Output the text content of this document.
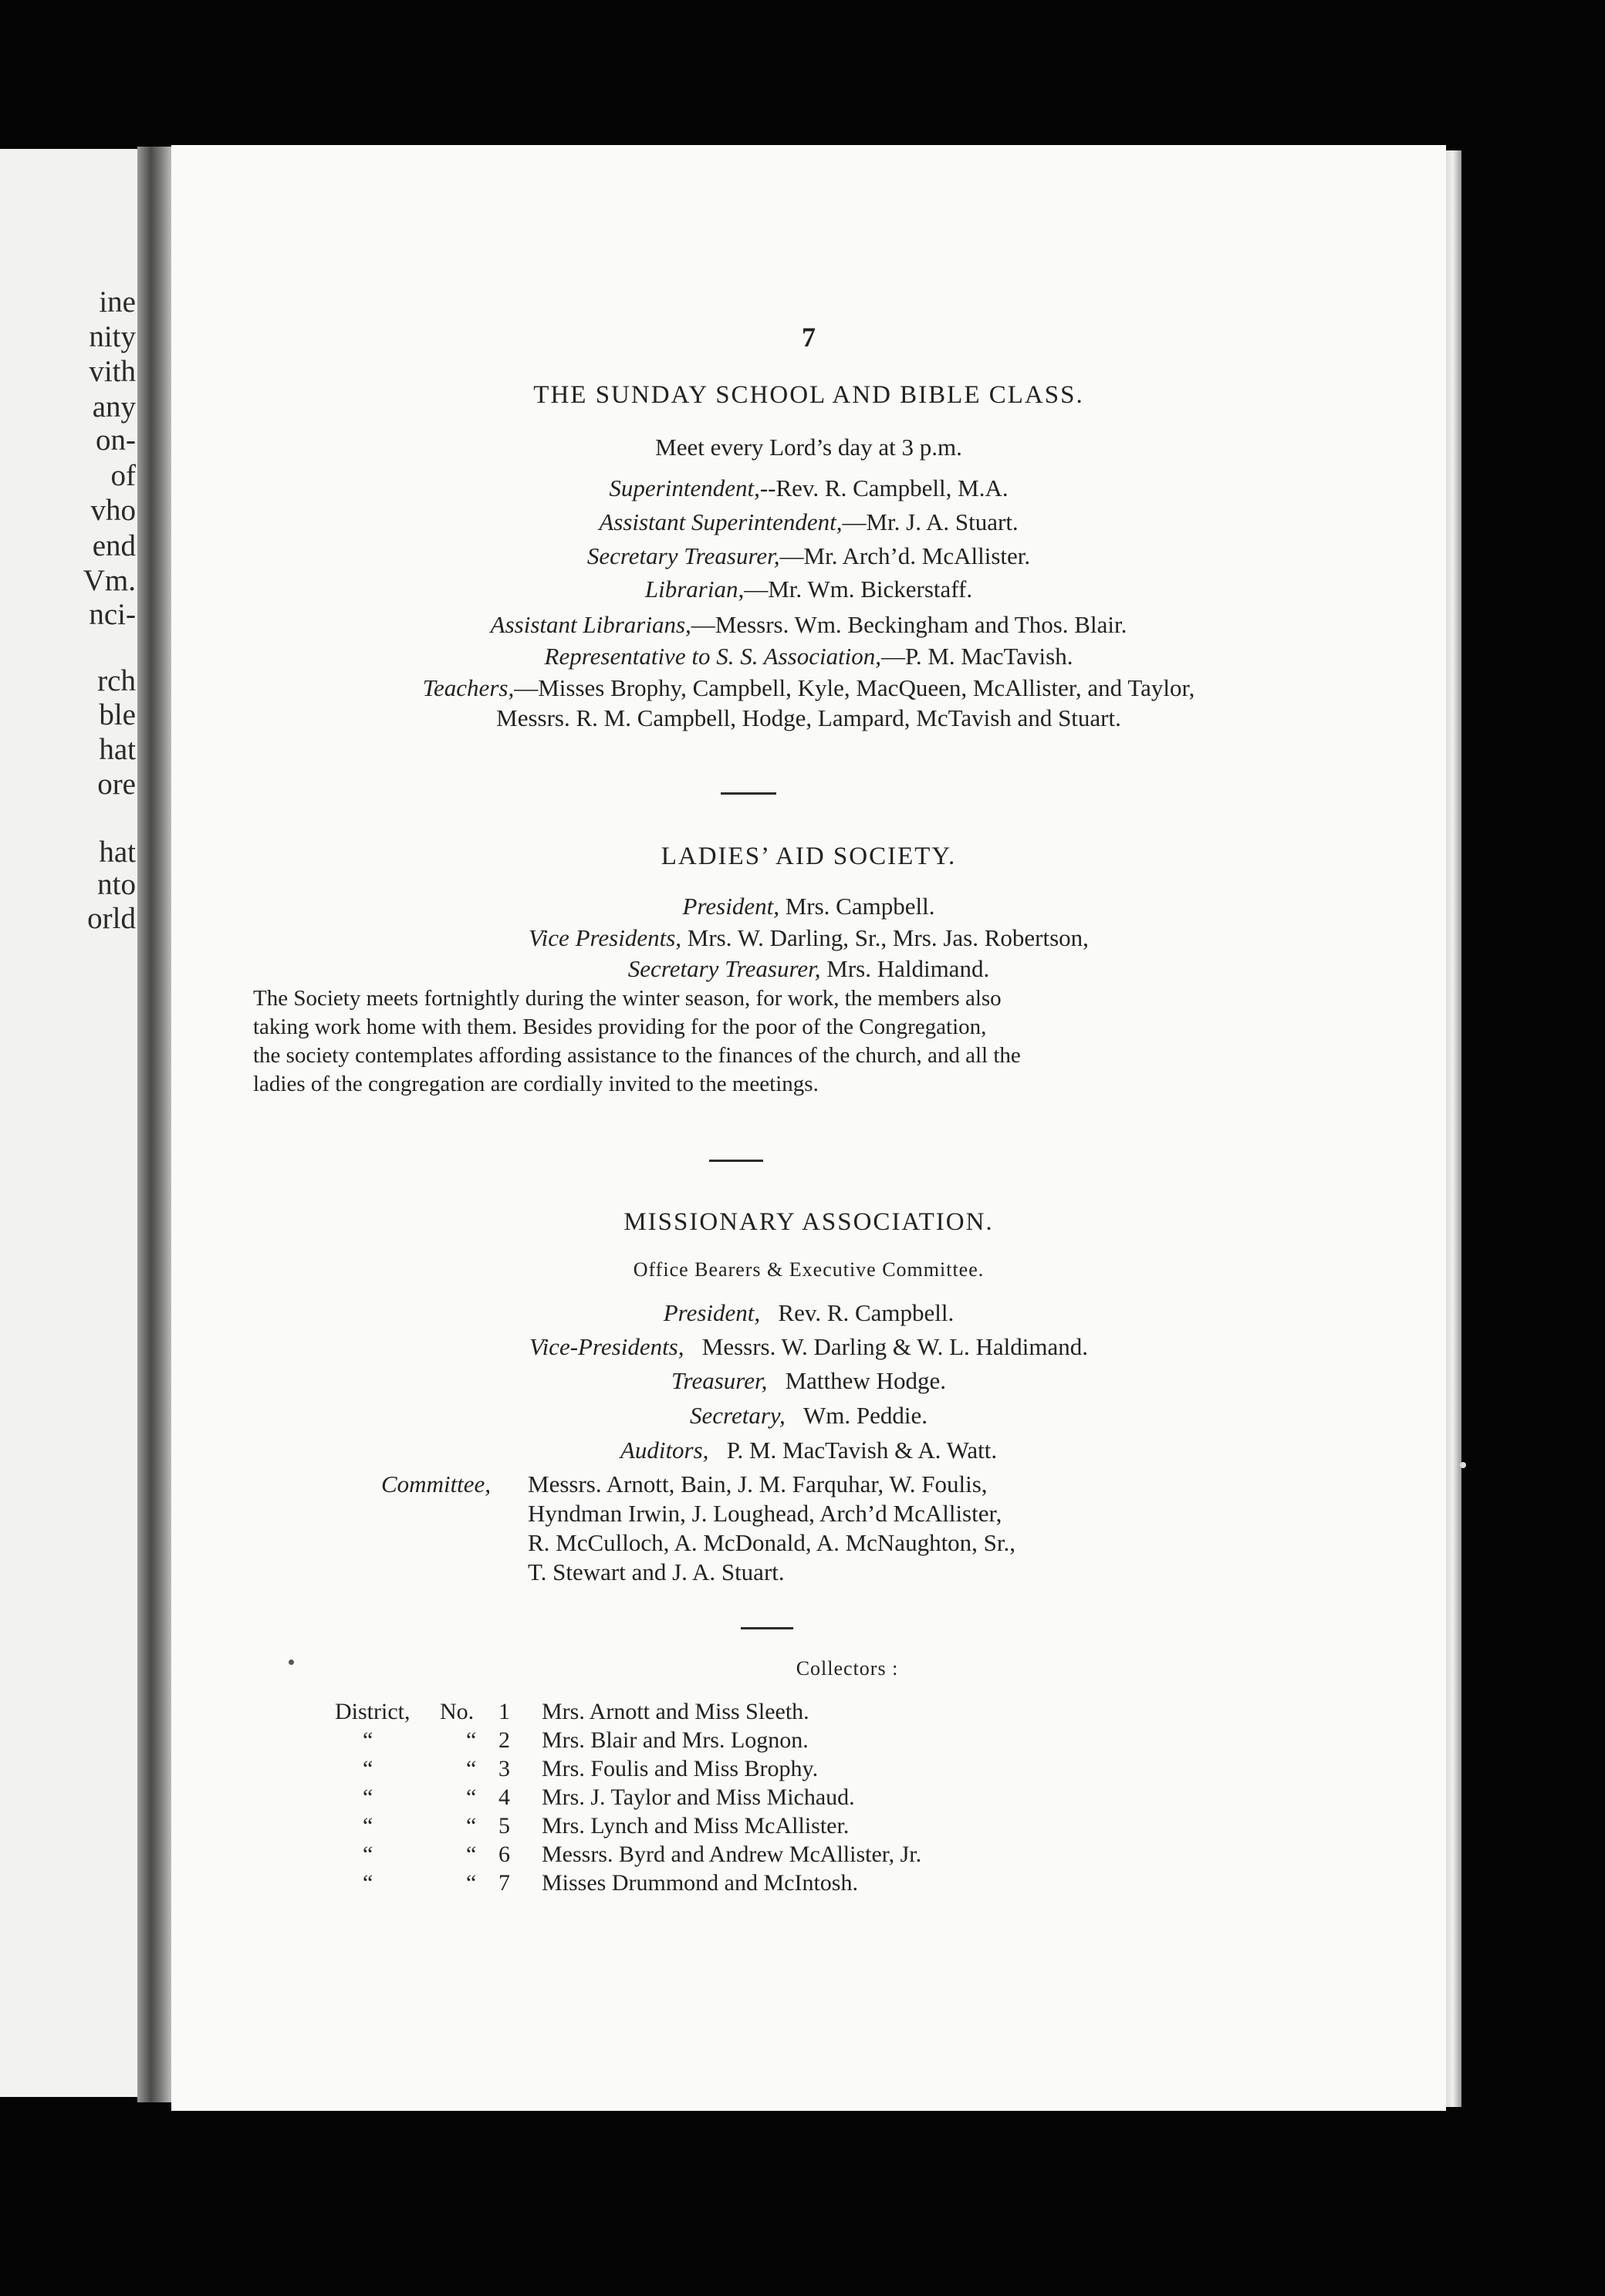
ine
nity
vith
any
on-
of
vho
end
Vm.
nci-
rch
ble
hat
ore
hat
nto
orld
7
THE SUNDAY SCHOOL AND BIBLE CLASS.
Meet every Lord’s day at 3 p.m.
Superintendent,--Rev. R. Campbell, M.A.
Assistant Superintendent,—Mr. J. A. Stuart.
Secretary Treasurer,—Mr. Arch’d. McAllister.
Librarian,—Mr. Wm. Bickerstaff.
Assistant Librarians,—Messrs. Wm. Beckingham and Thos. Blair.
Representative to S. S. Association,—P. M. MacTavish.
Teachers,—Misses Brophy, Campbell, Kyle, MacQueen, McAllister, and Taylor,
Messrs. R. M. Campbell, Hodge, Lampard, McTavish and Stuart.
LADIES’ AID SOCIETY.
President, Mrs. Campbell.
Vice Presidents, Mrs. W. Darling, Sr., Mrs. Jas. Robertson,
Secretary Treasurer, Mrs. Haldimand.
The Society meets fortnightly during the winter season, for work, the members also
taking work home with them. Besides providing for the poor of the Congregation,
the society contemplates affording assistance to the finances of the church, and all the
ladies of the congregation are cordially invited to the meetings.
MISSIONARY ASSOCIATION.
Office Bearers & Executive Committee.
President, Rev. R. Campbell.
Vice-Presidents, Messrs. W. Darling & W. L. Haldimand.
Treasurer, Matthew Hodge.
Secretary, Wm. Peddie.
Auditors, P. M. MacTavish & A. Watt.
Committee, Messrs. Arnott, Bain, J. M. Farquhar, W. Foulis,
Hyndman Irwin, J. Loughead, Arch’d McAllister,
R. McCulloch, A. McDonald, A. McNaughton, Sr.,
T. Stewart and J. A. Stuart.
Collectors :
District, No. 1 Mrs. Arnott and Miss Sleeth.
“	“ 2 Mrs. Blair and Mrs. Lognon.
“	“ 3 Mrs. Foulis and Miss Brophy.
“	“ 4 Mrs. J. Taylor and Miss Michaud.
“	“ 5 Mrs. Lynch and Miss McAllister.
“	“ 6 Messrs. Byrd and Andrew McAllister, Jr.
“	“ 7 Misses Drummond and McIntosh.
